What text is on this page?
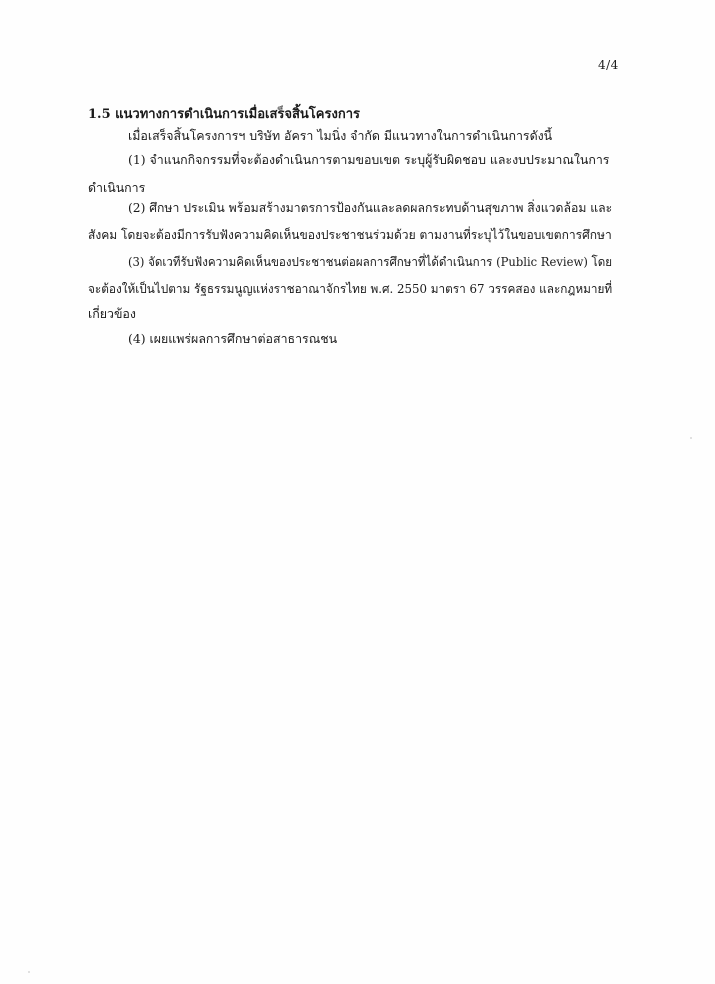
4/4
1.5 แนวทางการดำเนินการเมื่อเสร็จสิ้นโครงการ
เมื่อเสร็จสิ้นโครงการฯ บริษัท อัครา ไมนิ่ง จำกัด มีแนวทางในการดำเนินการดังนี้
(1) จำแนกกิจกรรมที่จะต้องดำเนินการตามขอบเขต ระบุผู้รับผิดชอบ และงบประมาณในการ
ดำเนินการ
(2) ศึกษา ประเมิน พร้อมสร้างมาตรการป้องกันและลดผลกระทบด้านสุขภาพ สิ่งแวดล้อม และ
สังคม โดยจะต้องมีการรับฟังความคิดเห็นของประชาชนร่วมด้วย ตามงานที่ระบุไว้ในขอบเขตการศึกษา
(3) จัดเวทีรับฟังความคิดเห็นของประชาชนต่อผลการศึกษาที่ได้ดำเนินการ (Public Review) โดย
จะต้องให้เป็นไปตาม รัฐธรรมนูญแห่งราชอาณาจักรไทย พ.ศ. 2550 มาตรา 67 วรรคสอง และกฎหมายที่
เกี่ยวข้อง
(4) เผยแพร่ผลการศึกษาต่อสาธารณชน
